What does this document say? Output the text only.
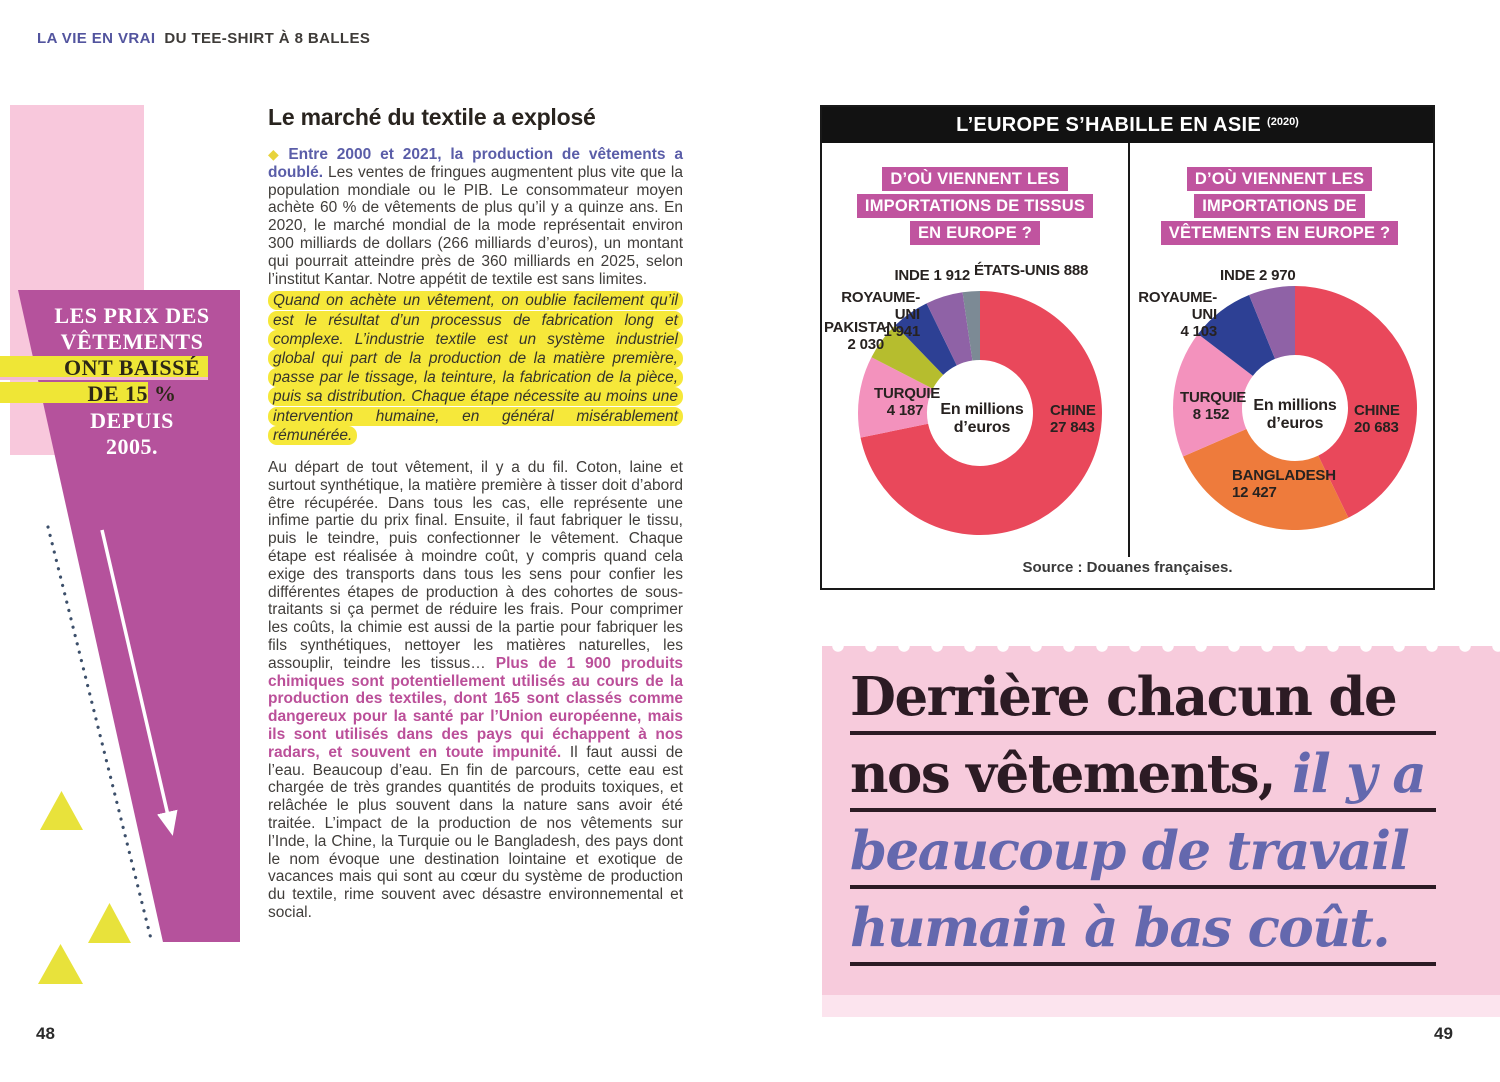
LA VIE EN VRAI DU TEE-SHIRT À 8 BALLES
LES PRIX DES
VÊTEMENTS
ONT BAISSÉ
DE 15 %
DEPUIS
2005.
48	49
Le marché du textile a explosé

◆ Entre 2000 et 2021, la production de vêtements a doublé. Les ventes de fringues augmentent plus vite que la population mondiale ou le PIB. Le consommateur moyen achète 60 % de vêtements de plus qu’il y a quinze ans. En 2020, le marché mondial de la mode représentait environ 300 milliards de dollars (266 milliards d’euros), un montant qui pourrait atteindre près de 360 milliards en 2025, selon l’institut Kantar. Notre appétit de textile est sans limites.

Quand on achète un vêtement, on oublie facilement qu’il est le résultat d’un processus de fabrication long et complexe. L’industrie textile est un système industriel global qui part de la production de la matière première, passe par le tissage, la teinture, la fabrication de la pièce, puis sa distribution. Chaque étape nécessite au moins une intervention humaine, en général misérablement rémunérée.

Au départ de tout vêtement, il y a du fil. Coton, laine et surtout synthétique, la matière première à tisser doit d’abord être récupérée. Dans tous les cas, elle représente une infime partie du prix final. Ensuite, il faut fabriquer le tissu, puis le teindre, puis confectionner le vêtement. Chaque étape est réalisée à moindre coût, y compris quand cela exige des transports dans tous les sens pour confier les différentes étapes de production à des cohortes de sous-traitants si ça permet de réduire les frais. Pour comprimer les coûts, la chimie est aussi de la partie pour fabriquer les fils synthétiques, nettoyer les matières naturelles, les assouplir, teindre les tissus… Plus de 1 900 produits chimiques sont potentiellement utilisés au cours de la production des textiles, dont 165 sont classés comme dangereux pour la santé par l’Union européenne, mais ils sont utilisés dans des pays qui échappent à nos radars, et souvent en toute impunité. Il faut aussi de l’eau. Beaucoup d’eau. En fin de parcours, cette eau est chargée de très grandes quantités de produits toxiques, et relâchée le plus souvent dans la nature sans avoir été traitée. L’impact de la production de nos vêtements sur l’Inde, la Chine, la Turquie ou le Bangladesh, des pays dont le nom évoque une destination lointaine et exotique de vacances mais qui sont au cœur du système de production du textile, rime souvent avec désastre environnemental et social.

L’EUROPE S’HABILLE EN ASIE (2020)
D’OÙ VIENNENT LES
IMPORTATIONS DE TISSUS
EN EUROPE ?
D’OÙ VIENNENT LES
IMPORTATIONS DE
VÊTEMENTS EN EUROPE ?
ÉTATS-UNIS 888
INDE 1 912
ROYAUME-UNI
1 941
PAKISTAN
2 030
TURQUIE
4 187	CHINE
27 843
En millions
d’euros
INDE 2 970
ROYAUME-UNI
4 103
TURQUIE
8 152	CHINE
20 683
BANGLADESH
12 427
En millions
d’euros
Source : Douanes françaises.
Derrière chacun de
nos vêtements, il y a
beaucoup de travail
humain à bas coût.
